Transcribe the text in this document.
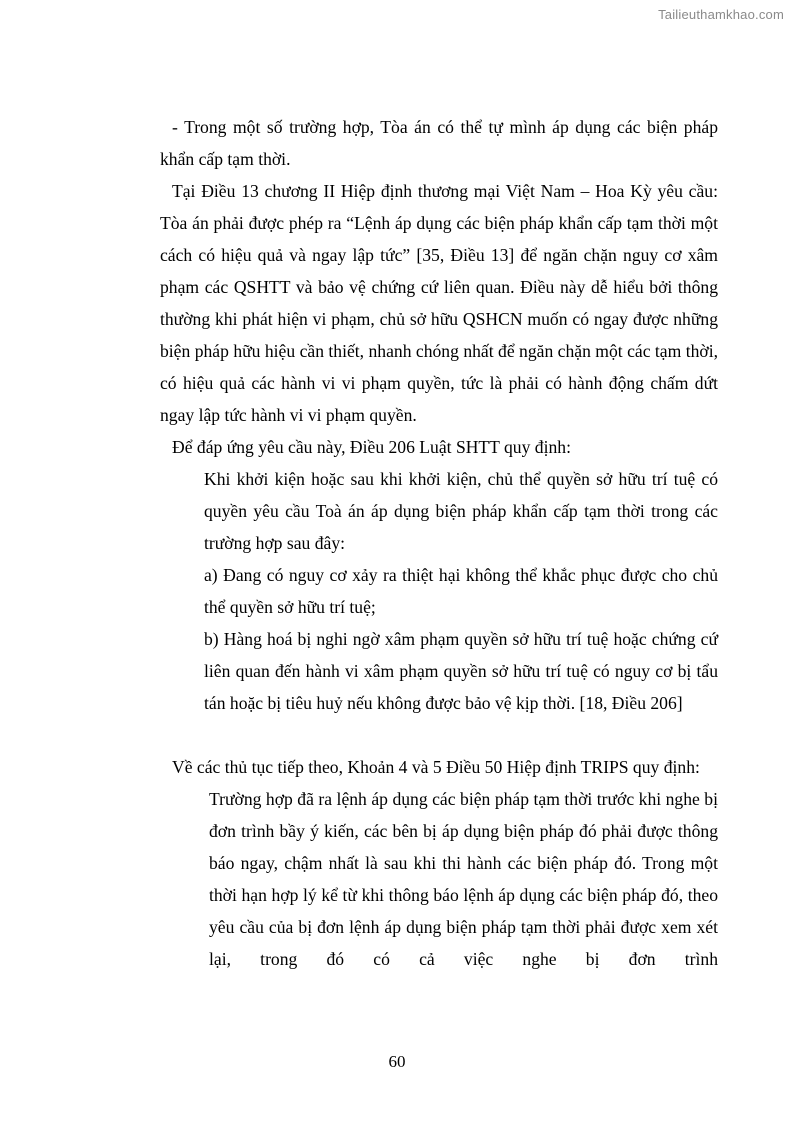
Tailieuthamkhao.com

- Trong một số trường hợp, Tòa án có thể tự mình áp dụng các biện pháp khẩn cấp tạm thời.

Tại Điều 13 chương II Hiệp định thương mại Việt Nam – Hoa Kỳ yêu cầu: Tòa án phải được phép ra “Lệnh áp dụng các biện pháp khẩn cấp tạm thời một cách có hiệu quả và ngay lập tức” [35, Điều 13] để ngăn chặn nguy cơ xâm phạm các QSHTT và bảo vệ chứng cứ liên quan. Điều này dễ hiểu bởi thông thường khi phát hiện vi phạm, chủ sở hữu QSHCN muốn có ngay được những biện pháp hữu hiệu cần thiết, nhanh chóng nhất để ngăn chặn một các tạm thời, có hiệu quả các hành vi vi phạm quyền, tức là phải có hành động chấm dứt ngay lập tức hành vi vi phạm quyền.

Để đáp ứng yêu cầu này, Điều 206 Luật SHTT quy định:

Khi khởi kiện hoặc sau khi khởi kiện, chủ thể quyền sở hữu trí tuệ có quyền yêu cầu Toà án áp dụng biện pháp khẩn cấp tạm thời trong các trường hợp sau đây:

a) Đang có nguy cơ xảy ra thiệt hại không thể khắc phục được cho chủ thể quyền sở hữu trí tuệ;

b) Hàng hoá bị nghi ngờ xâm phạm quyền sở hữu trí tuệ hoặc chứng cứ liên quan đến hành vi xâm phạm quyền sở hữu trí tuệ có nguy cơ bị tẩu tán hoặc bị tiêu huỷ nếu không được bảo vệ kịp thời. [18, Điều 206]

Về các thủ tục tiếp theo, Khoản 4 và 5 Điều 50 Hiệp định TRIPS quy định:

Trường hợp đã ra lệnh áp dụng các biện pháp tạm thời trước khi nghe bị đơn trình bầy ý kiến, các bên bị áp dụng biện pháp đó phải được thông báo ngay, chậm nhất là sau khi thi hành các biện pháp đó. Trong một thời hạn hợp lý kể từ khi thông báo lệnh áp dụng các biện pháp đó, theo yêu cầu của bị đơn lệnh áp dụng biện pháp tạm thời phải được xem xét lại, trong đó có cả việc nghe bị đơn trình

60
